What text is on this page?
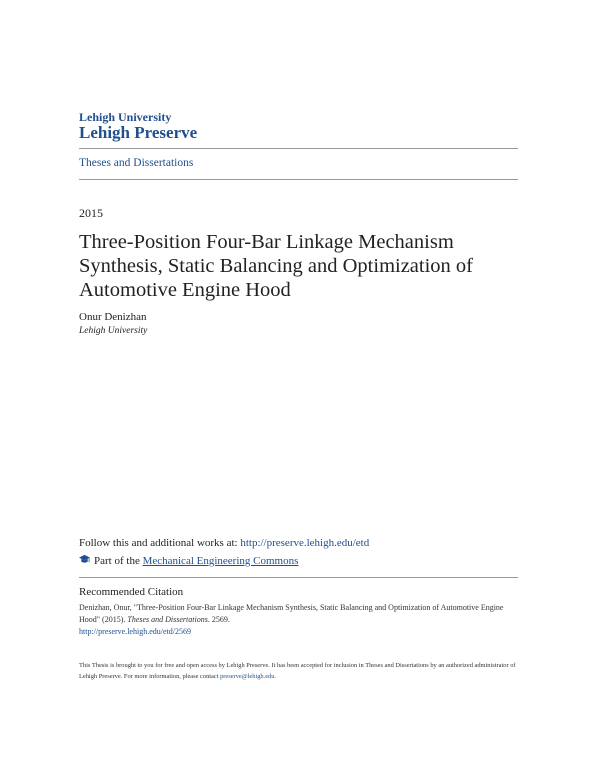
Lehigh University
Lehigh Preserve
Theses and Dissertations
2015
Three-Position Four-Bar Linkage Mechanism Synthesis, Static Balancing and Optimization of Automotive Engine Hood
Onur Denizhan
Lehigh University
Follow this and additional works at: http://preserve.lehigh.edu/etd
Part of the Mechanical Engineering Commons
Recommended Citation
Denizhan, Onur, "Three-Position Four-Bar Linkage Mechanism Synthesis, Static Balancing and Optimization of Automotive Engine Hood" (2015). Theses and Dissertations. 2569.
http://preserve.lehigh.edu/etd/2569
This Thesis is brought to you for free and open access by Lehigh Preserve. It has been accepted for inclusion in Theses and Dissertations by an authorized administrator of Lehigh Preserve. For more information, please contact preserve@lehigh.edu.
